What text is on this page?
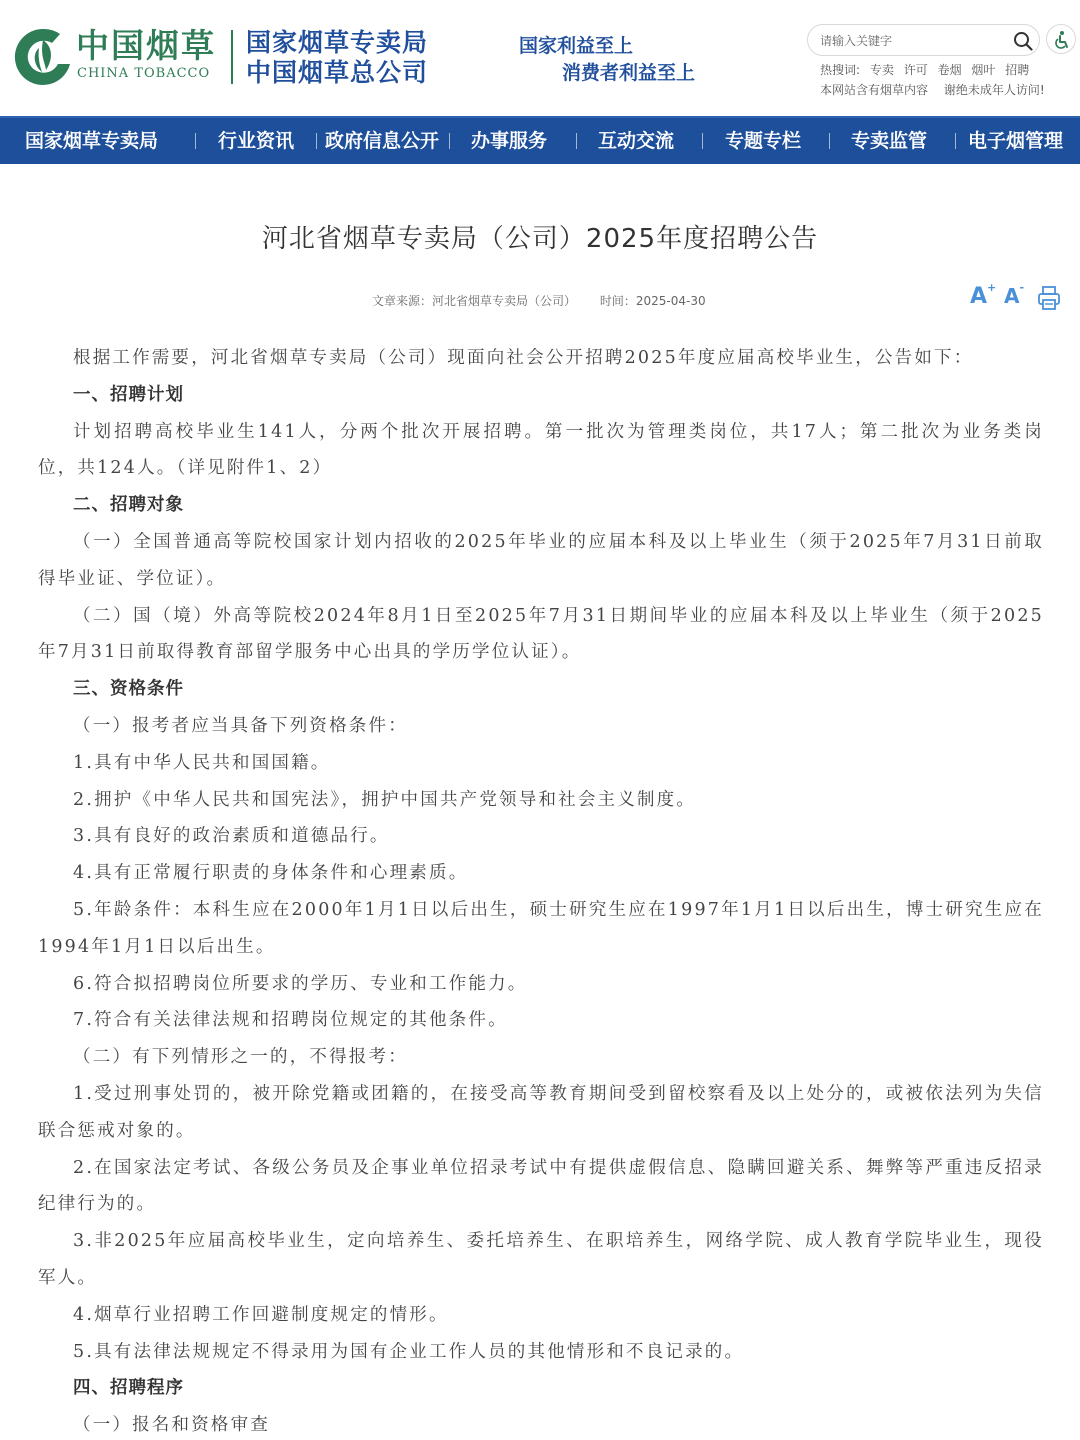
中国烟草
CHINA TOBACCO
国家烟草专卖局
中国烟草总公司
国家利益至上
消费者利益至上
请输入关键字	热搜词: 专卖 许可 卷烟 烟叶 招聘
本网站含有烟草内容 谢绝未成年人访问!
国家烟草专卖局	行业资讯 政府信息公开 办事服务	互动交流	专题专栏	专卖监管 电子烟管理
河北省烟草专卖局（公司）2025年度招聘公告
文章来源：河北省烟草专卖局（公司） 时间：2025-04-30	A+ A-

根据工作需要，河北省烟草专卖局（公司）现面向社会公开招聘2025年度应届高校毕业生，公告如下：

一、招聘计划

计划招聘高校毕业生141人，分两个批次开展招聘。第一批次为管理类岗位，共17人；第二批次为业务类岗位，共124人。（详见附件1、2）

二、招聘对象

（一）全国普通高等院校国家计划内招收的2025年毕业的应届本科及以上毕业生（须于2025年7月31日前取得毕业证、学位证）。

（二）国（境）外高等院校2024年8月1日至2025年7月31日期间毕业的应届本科及以上毕业生（须于2025年7月31日前取得教育部留学服务中心出具的学历学位认证）。

三、资格条件

（一）报考者应当具备下列资格条件：

1.具有中华人民共和国国籍。

2.拥护《中华人民共和国宪法》，拥护中国共产党领导和社会主义制度。

3.具有良好的政治素质和道德品行。

4.具有正常履行职责的身体条件和心理素质。

5.年龄条件：本科生应在2000年1月1日以后出生，硕士研究生应在1997年1月1日以后出生，博士研究生应在1994年1月1日以后出生。

6.符合拟招聘岗位所要求的学历、专业和工作能力。

7.符合有关法律法规和招聘岗位规定的其他条件。

（二）有下列情形之一的，不得报考：

1.受过刑事处罚的，被开除党籍或团籍的，在接受高等教育期间受到留校察看及以上处分的，或被依法列为失信联合惩戒对象的。

2.在国家法定考试、各级公务员及企事业单位招录考试中有提供虚假信息、隐瞒回避关系、舞弊等严重违反招录纪律行为的。

3.非2025年应届高校毕业生，定向培养生、委托培养生、在职培养生，网络学院、成人教育学院毕业生，现役军人。

4.烟草行业招聘工作回避制度规定的情形。

5.具有法律法规规定不得录用为国有企业工作人员的其他情形和不良记录的。

四、招聘程序

（一）报名和资格审查
